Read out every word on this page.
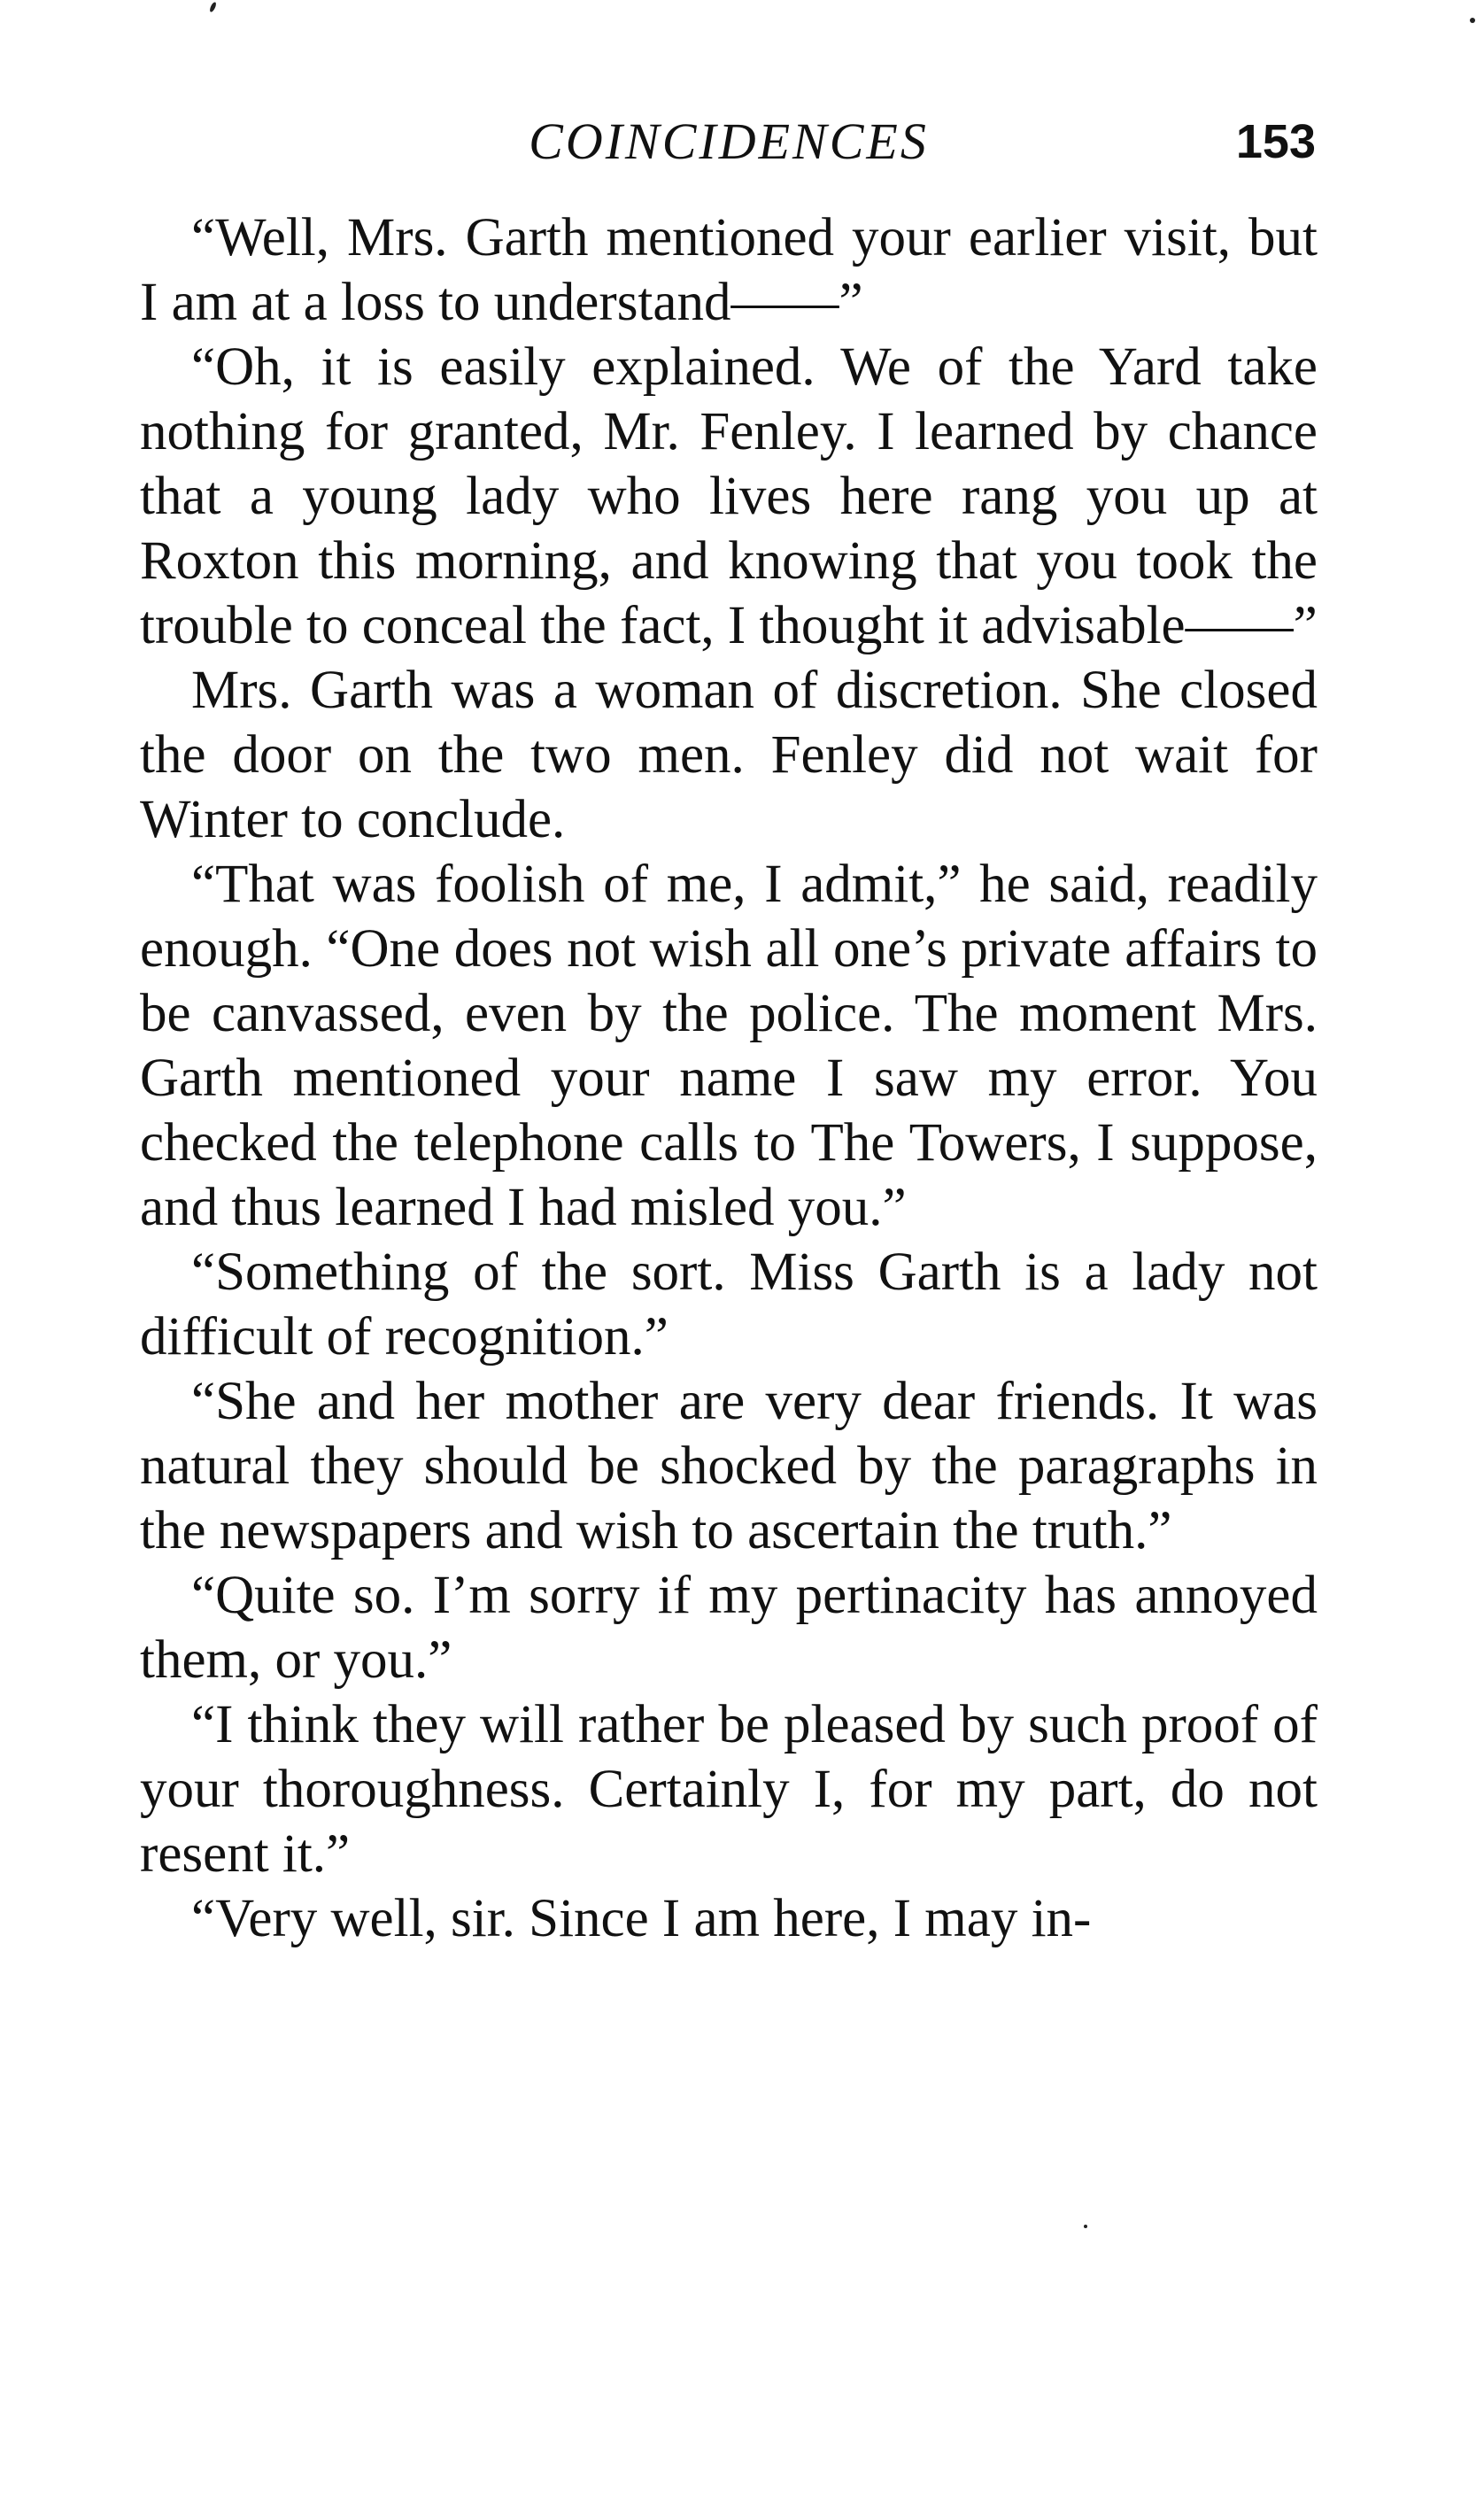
COINCIDENCES	153

“Well, Mrs. Garth mentioned your earlier visit, but I am at a loss to understand——”

“Oh, it is easily explained. We of the Yard take nothing for granted, Mr. Fenley. I learned by chance that a young lady who lives here rang you up at Roxton this morning, and knowing that you took the trouble to conceal the fact, I thought it advisable——”

Mrs. Garth was a woman of discretion. She closed the door on the two men. Fenley did not wait for Winter to conclude.

“That was foolish of me, I admit,” he said, readily enough. “One does not wish all one’s private affairs to be canvassed, even by the police. The moment Mrs. Garth mentioned your name I saw my error. You checked the telephone calls to The Towers, I suppose, and thus learned I had misled you.”

“Something of the sort. Miss Garth is a lady not difficult of recognition.”

“She and her mother are very dear friends. It was natural they should be shocked by the paragraphs in the newspapers and wish to ascertain the truth.”

“Quite so. I’m sorry if my pertinacity has annoyed them, or you.”

“I think they will rather be pleased by such proof of your thoroughness. Certainly I, for my part, do not resent it.”

“Very well, sir. Since I am here, I may in-
